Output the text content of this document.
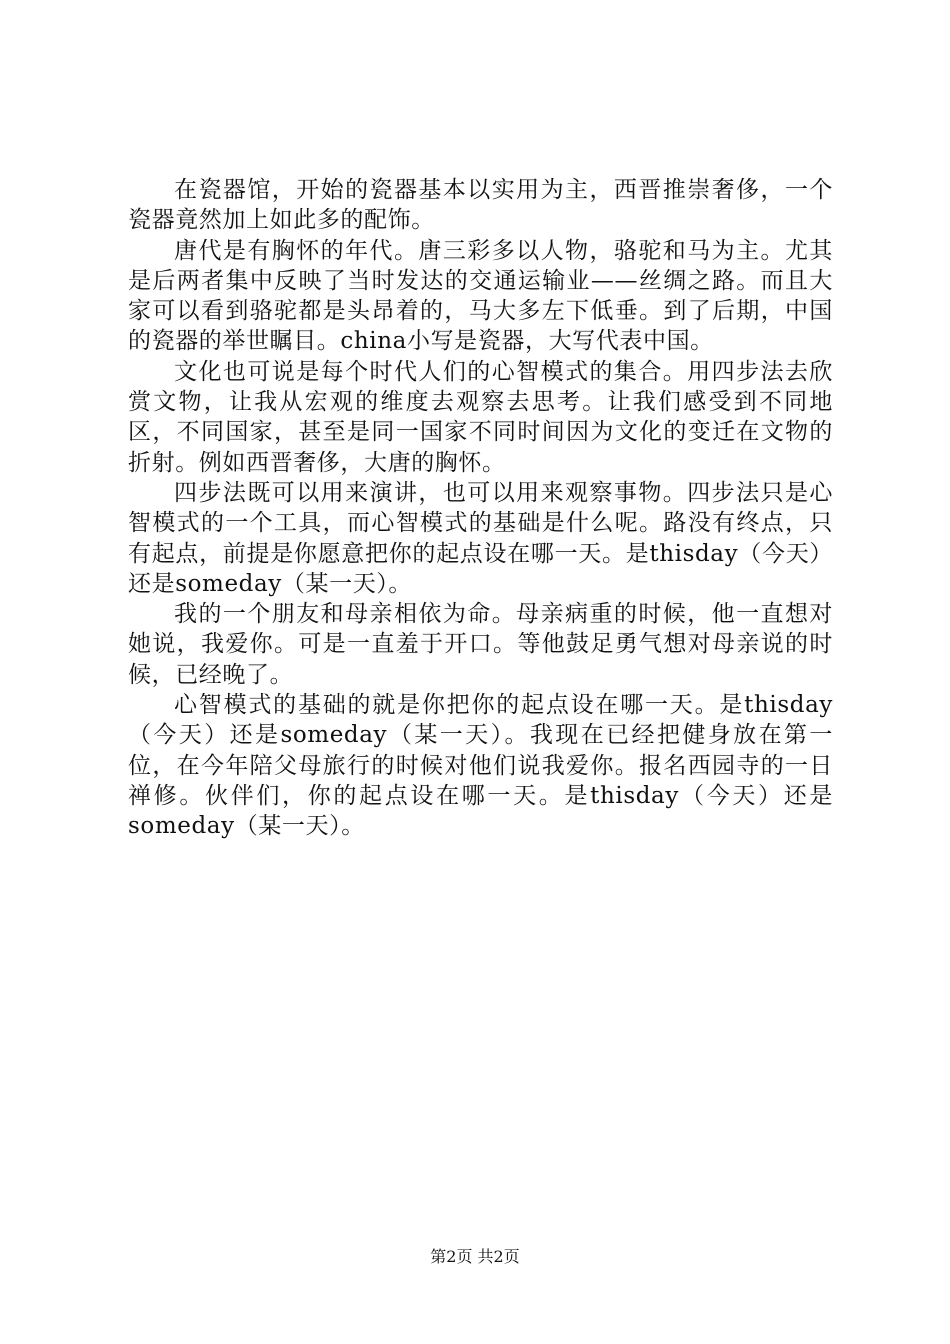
在瓷器馆，开始的瓷器基本以实用为主，西晋推崇奢侈，一个瓷器竟然加上如此多的配饰。

唐代是有胸怀的年代。唐三彩多以人物，骆驼和马为主。尤其是后两者集中反映了当时发达的交通运输业——丝绸之路。而且大家可以看到骆驼都是头昂着的，马大多左下低垂。到了后期，中国的瓷器的举世瞩目。china小写是瓷器，大写代表中国。

文化也可说是每个时代人们的心智模式的集合。用四步法去欣赏文物，让我从宏观的维度去观察去思考。让我们感受到不同地区，不同国家，甚至是同一国家不同时间因为文化的变迁在文物的折射。例如西晋奢侈，大唐的胸怀。

四步法既可以用来演讲，也可以用来观察事物。四步法只是心智模式的一个工具，而心智模式的基础是什么呢。路没有终点，只有起点，前提是你愿意把你的起点设在哪一天。是thisday（今天）还是someday（某一天）。

我的一个朋友和母亲相依为命。母亲病重的时候，他一直想对她说，我爱你。可是一直羞于开口。等他鼓足勇气想对母亲说的时候，已经晚了。

心智模式的基础的就是你把你的起点设在哪一天。是thisday（今天）还是someday（某一天）。我现在已经把健身放在第一位，在今年陪父母旅行的时候对他们说我爱你。报名西园寺的一日禅修。伙伴们，你的起点设在哪一天。是thisday（今天）还是someday（某一天）。

第2页 共2页
